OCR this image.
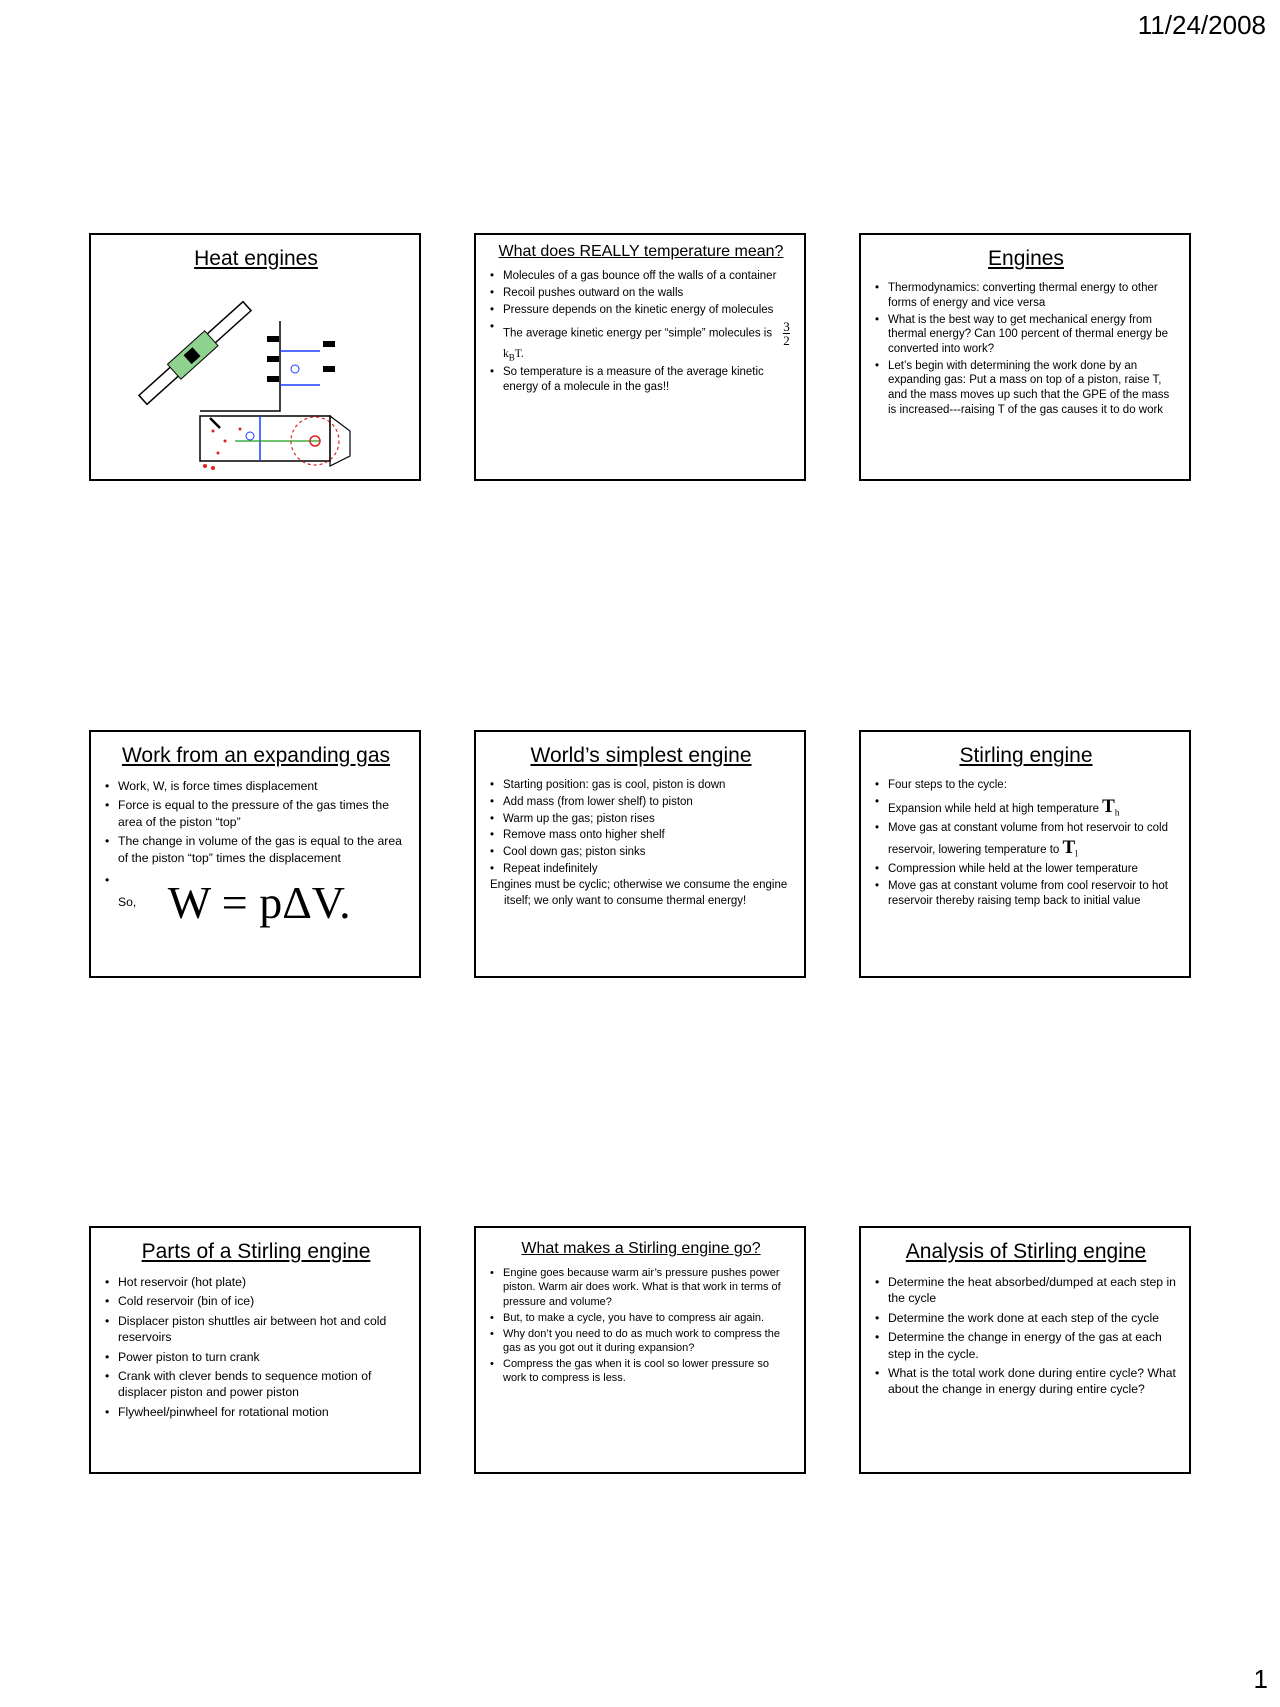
11/24/2008
Heat engines	What does REALLY temperature mean?
• Molecules of a gas bounce off the walls of a container
• Recoil pushes outward on the walls
• Pressure depends on the kinetic energy of molecules
• The average kinetic energy per “simple” molecules is $\frac{3}{2}$
$k_BT$.
• So temperature is a measure of the average kinetic energy of a molecule in the gas!!
Engines
• Thermodynamics: converting thermal energy to other forms of energy and vice versa
• What is the best way to get mechanical energy from thermal energy? Can 100 percent of thermal energy be converted into work?
• Let’s begin with determining the work done by an expanding gas: Put a mass on top of a piston, raise T, and the mass moves up such that the GPE of the mass is increased---raising T of the gas causes it to do work
Work from an expanding gas
• Work, W, is force times displacement
• Force is equal to the pressure of the gas times the area of the piston “top”
• The change in volume of the gas is equal to the area of the piston “top” times the displacement
• So, W = pΔV.
World’s simplest engine
• Starting position: gas is cool, piston is down
• Add mass (from lower shelf) to piston
• Warm up the gas; piston rises
• Remove mass onto higher shelf
• Cool down gas; piston sinks
• Repeat indefinitely
Engines must be cyclic; otherwise we consume the engine itself; we only want to consume thermal energy!
Stirling engine
• Four steps to the cycle:
• Expansion while held at high temperature $T_h$
• Move gas at constant volume from hot reservoir to cold reservoir, lowering temperature to $T_l$
• Compression while held at the lower temperature
• Move gas at constant volume from cool reservoir to hot reservoir thereby raising temp back to initial value
Parts of a Stirling engine
• Hot reservoir (hot plate)
• Cold reservoir (bin of ice)
• Displacer piston shuttles air between hot and cold reservoirs
• Power piston to turn crank
• Crank with clever bends to sequence motion of displacer piston and power piston
• Flywheel/pinwheel for rotational motion
What makes a Stirling engine go?
• Engine goes because warm air’s pressure pushes power piston. Warm air does work. What is that work in terms of pressure and volume?
• But, to make a cycle, you have to compress air again.
• Why don’t you need to do as much work to compress the gas as you got out it during expansion?
• Compress the gas when it is cool so lower pressure so work to compress is less.
Analysis of Stirling engine
• Determine the heat absorbed/dumped at each step in the cycle
• Determine the work done at each step of the cycle
• Determine the change in energy of the gas at each step in the cycle.
• What is the total work done during entire cycle? What about the change in energy during entire cycle?
1
